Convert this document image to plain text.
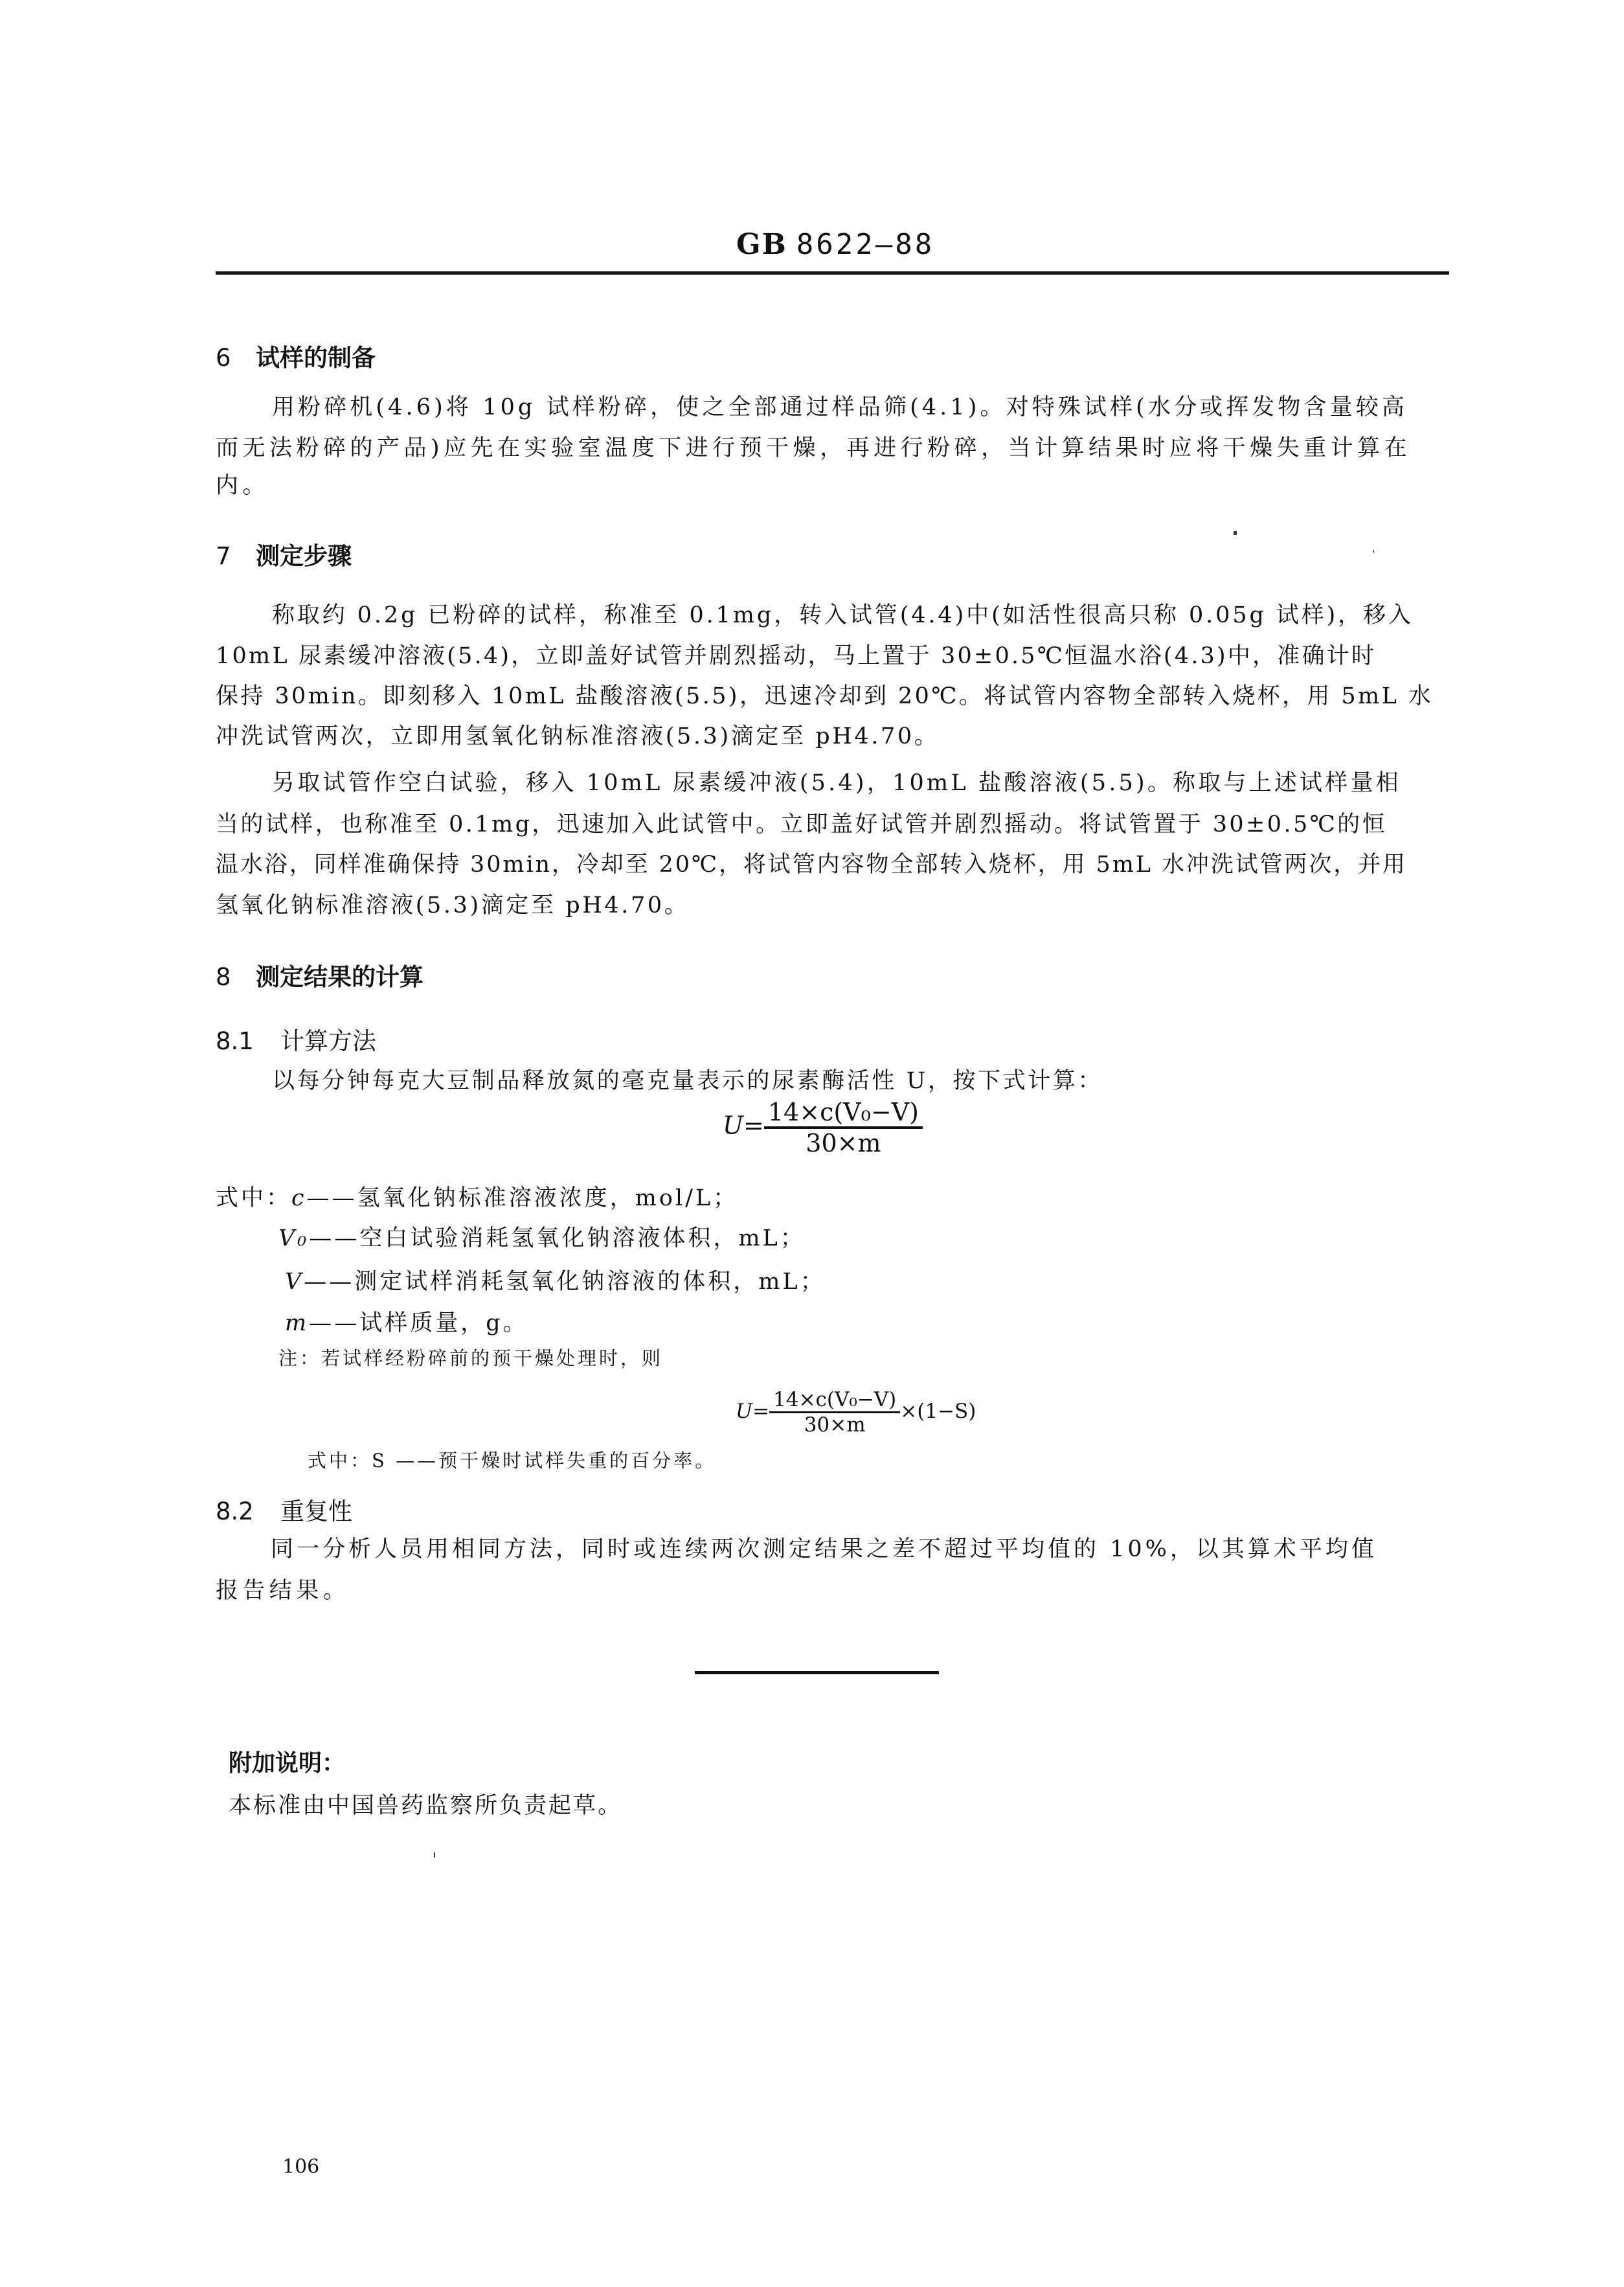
GB 8622—88
6 试样的制备
用粉碎机(4.6)将 10g 试样粉碎，使之全部通过样品筛(4.1)。对特殊试样(水分或挥发物含量较高
而无法粉碎的产品)应先在实验室温度下进行预干燥，再进行粉碎，当计算结果时应将干燥失重计算在
内。
7 测定步骤
称取约 0.2g 已粉碎的试样，称准至 0.1mg，转入试管(4.4)中(如活性很高只称 0.05g 试样)，移入
10mL 尿素缓冲溶液(5.4)，立即盖好试管并剧烈摇动，马上置于 30±0.5℃恒温水浴(4.3)中，准确计时
保持 30min。即刻移入 10mL 盐酸溶液(5.5)，迅速冷却到 20℃。将试管内容物全部转入烧杯，用 5mL 水
冲洗试管两次，立即用氢氧化钠标准溶液(5.3)滴定至 pH4.70。
另取试管作空白试验，移入 10mL 尿素缓冲液(5.4)，10mL 盐酸溶液(5.5)。称取与上述试样量相
当的试样，也称准至 0.1mg，迅速加入此试管中。立即盖好试管并剧烈摇动。将试管置于 30±0.5℃的恒
温水浴，同样准确保持 30min，冷却至 20℃，将试管内容物全部转入烧杯，用 5mL 水冲洗试管两次，并用
氢氧化钠标准溶液(5.3)滴定至 pH4.70。
8 测定结果的计算
8.1 计算方法
以每分钟每克大豆制品释放氮的毫克量表示的尿素酶活性 U，按下式计算：
$U= \frac{\text{14×c(V₀−V)}}{30\times m}$
式中：c——氢氧化钠标准溶液浓度，mol/L；
V₀——空白试验消耗氢氧化钠溶液体积，mL；
V——测定试样消耗氢氧化钠溶液的体积，mL；
m——试样质量，g。
注：若试样经粉碎前的预干燥处理时，则
$U= \frac{\text{14×c(V₀−V)}}{30\times m} \times(1-S)$
式中：S ——预干燥时试样失重的百分率。
8.2 重复性
同一分析人员用相同方法，同时或连续两次测定结果之差不超过平均值的 10%，以其算术平均值
报告结果。
附加说明：
本标准由中国兽药监察所负责起草。
106
